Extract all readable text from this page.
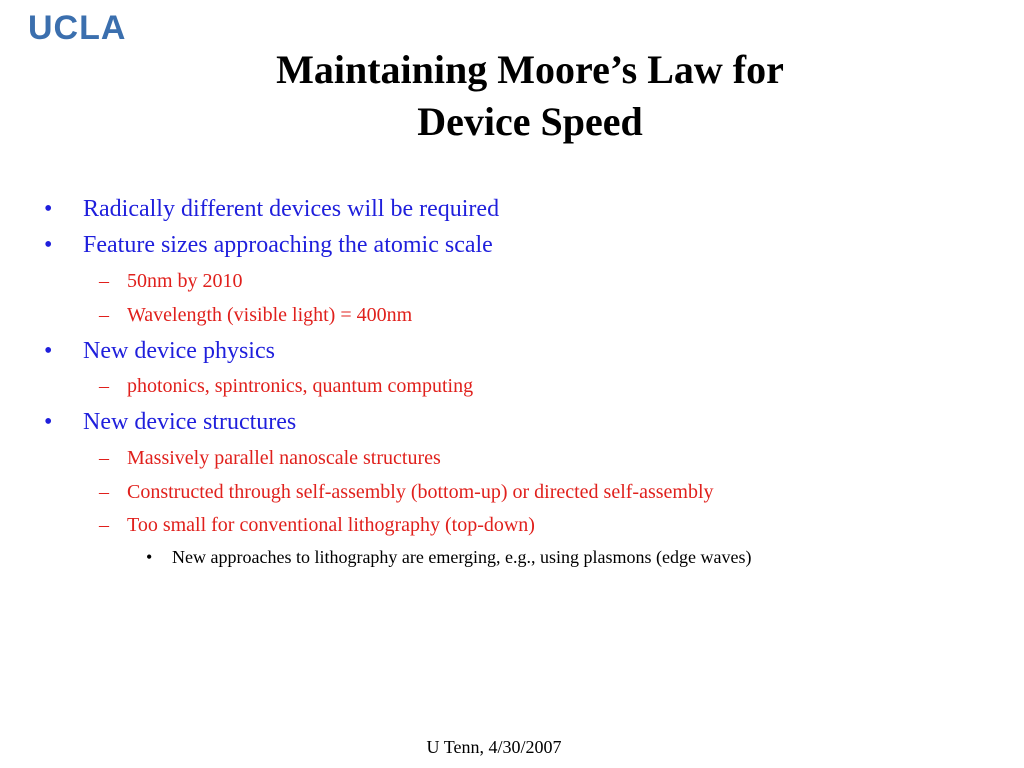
UCLA
Maintaining Moore’s Law for
Device Speed
• Radically different devices will be required
• Feature sizes approaching the atomic scale
– 50nm by 2010
– Wavelength (visible light) = 400nm
• New device physics
– photonics, spintronics, quantum computing
• New device structures
– Massively parallel nanoscale structures
– Constructed through self-assembly (bottom-up) or directed self-assembly
– Too small for conventional lithography (top-down)
• New approaches to lithography are emerging, e.g., using plasmons (edge waves)
U Tenn, 4/30/2007
